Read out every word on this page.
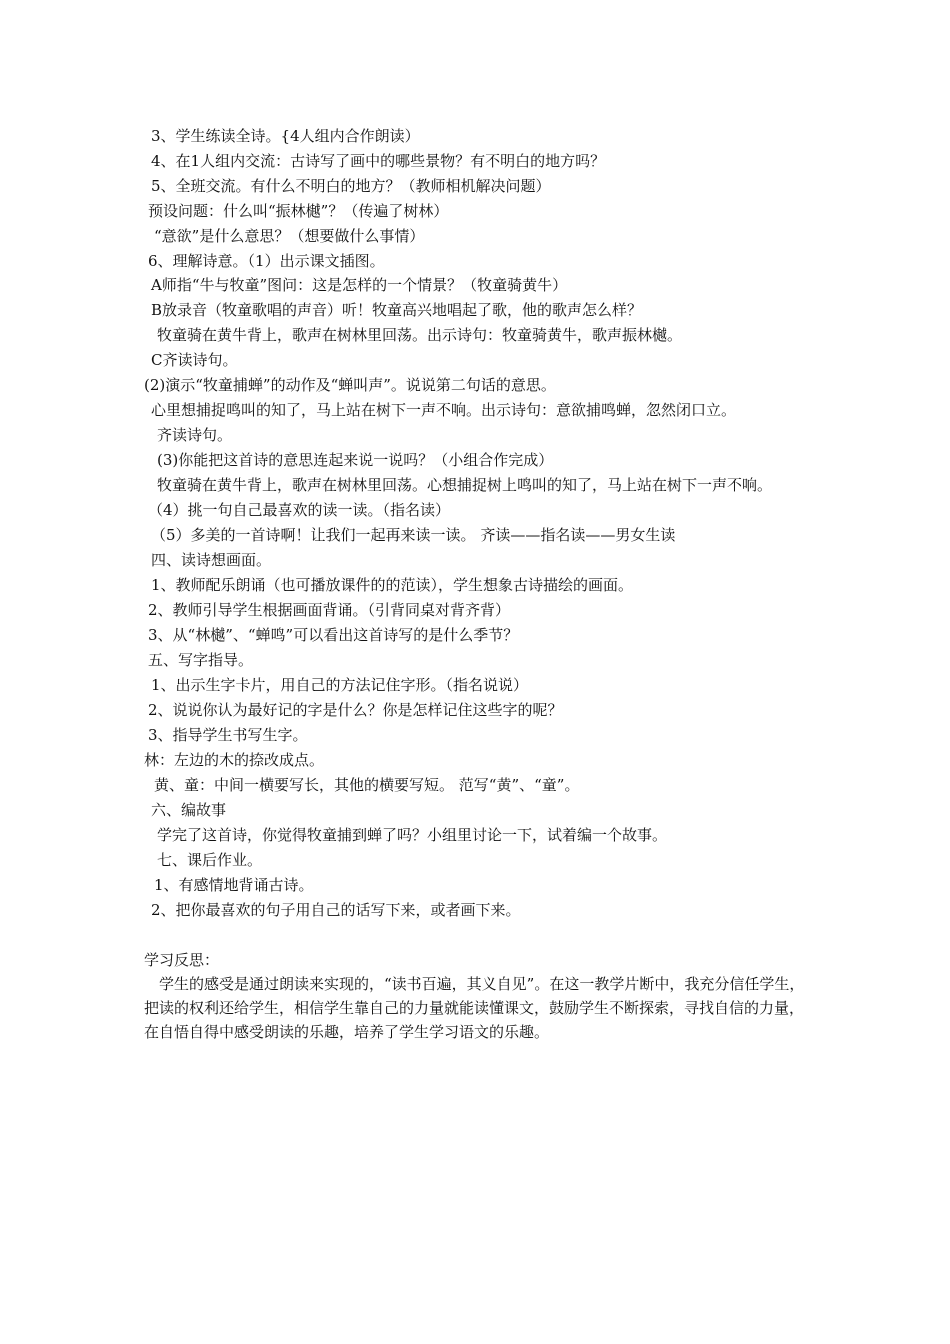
3、学生练读全诗。{4人组内合作朗读）
4、在1人组内交流：古诗写了画中的哪些景物？有不明白的地方吗？
5、全班交流。有什么不明白的地方？（教师相机解决问题）
预设问题：什么叫“振林樾”？（传遍了树林）
“意欲”是什么意思？（想要做什么事情）
6、理解诗意。（1）出示课文插图。
A师指“牛与牧童”图问：这是怎样的一个情景？（牧童骑黄牛）
B放录音（牧童歌唱的声音）听！牧童高兴地唱起了歌，他的歌声怎么样？
牧童骑在黄牛背上，歌声在树林里回荡。出示诗句：牧童骑黄牛，歌声振林樾。
C齐读诗句。
(2)演示“牧童捕蝉”的动作及“蝉叫声”。说说第二句话的意思。
心里想捕捉鸣叫的知了，马上站在树下一声不响。出示诗句：意欲捕鸣蝉，忽然闭口立。
齐读诗句。
(3)你能把这首诗的意思连起来说一说吗？（小组合作完成）
牧童骑在黄牛背上，歌声在树林里回荡。心想捕捉树上鸣叫的知了，马上站在树下一声不响。
（4）挑一句自己最喜欢的读一读。（指名读）
（5）多美的一首诗啊！让我们一起再来读一读。 齐读——指名读——男女生读
四、读诗想画面。
1、教师配乐朗诵（也可播放课件的的范读），学生想象古诗描绘的画面。
2、教师引导学生根据画面背诵。（引背同桌对背齐背）
3、从“林樾”、“蝉鸣”可以看出这首诗写的是什么季节？
五、写字指导。
1、出示生字卡片，用自己的方法记住字形。（指名说说）
2、说说你认为最好记的字是什么？你是怎样记住这些字的呢？
3、指导学生书写生字。
林：左边的木的捺改成点。
黄、童：中间一横要写长，其他的横要写短。 范写“黄”、“童”。
六、编故事
学完了这首诗，你觉得牧童捕到蝉了吗？小组里讨论一下，试着编一个故事。
七、课后作业。
1、有感情地背诵古诗。
2、把你最喜欢的句子用自己的话写下来，或者画下来。
学习反思：
学生的感受是通过朗读来实现的，“读书百遍，其义自见”。在这一教学片断中，我充分信任学生，把读的权利还给学生，相信学生靠自己的力量就能读懂课文，鼓励学生不断探索，寻找自信的力量，在自悟自得中感受朗读的乐趣，培养了学生学习语文的乐趣。
